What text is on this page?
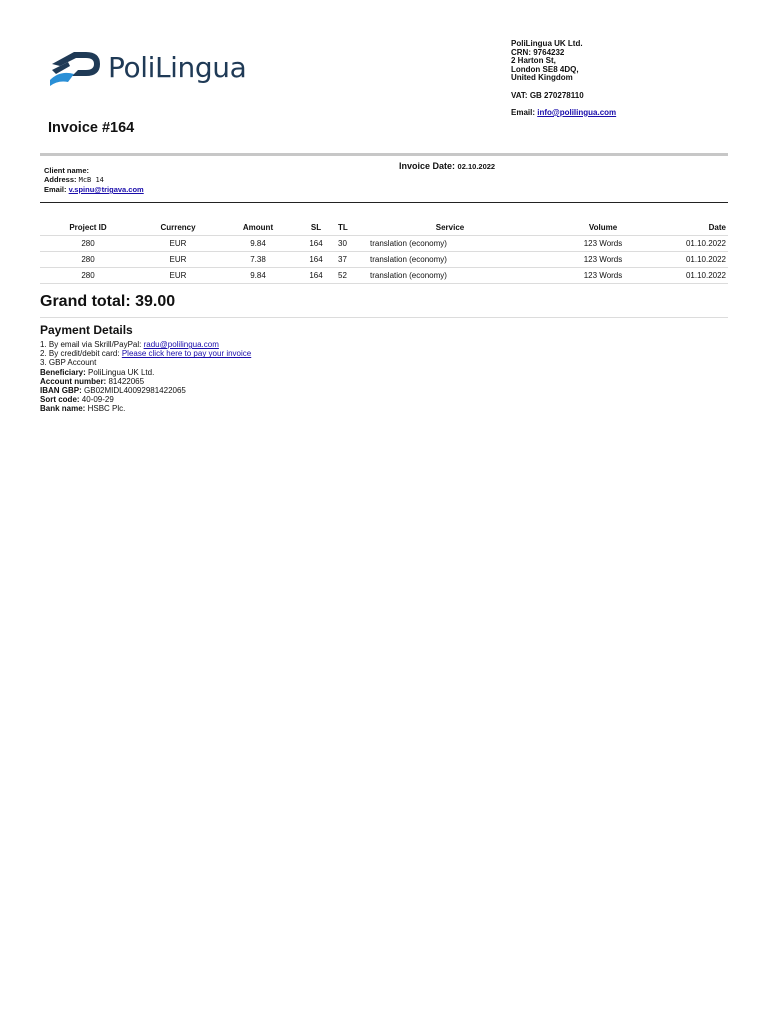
PoliLingua
PoliLingua UK Ltd.
CRN: 9764232
2 Harton St,
London SE8 4DQ,
United Kingdom
VAT: GB 270278110
Email: info@polilingua.com
Invoice #164
Client name:
Address: McB 14
Email: v.spinu@trigava.com
Invoice Date: 02.10.2022
Project ID	Currency	Amount	SL	TL	Service	Volume	Date
280	EUR	9.84	164	30	translation (economy)	123 Words	01.10.2022
280	EUR	7.38	164	37	translation (economy)	123 Words	01.10.2022
280	EUR	9.84	164	52	translation (economy)	123 Words	01.10.2022
Grand total: 39.00
Payment Details
1. By email via Skrill/PayPal: radu@polilingua.com
2. By credit/debit card: Please click here to pay your invoice
3. GBP Account
Beneficiary: PoliLingua UK Ltd.
Account number: 81422065
IBAN GBP: GB02MIDL40092981422065
Sort code: 40-09-29
Bank name: HSBC Plc.
